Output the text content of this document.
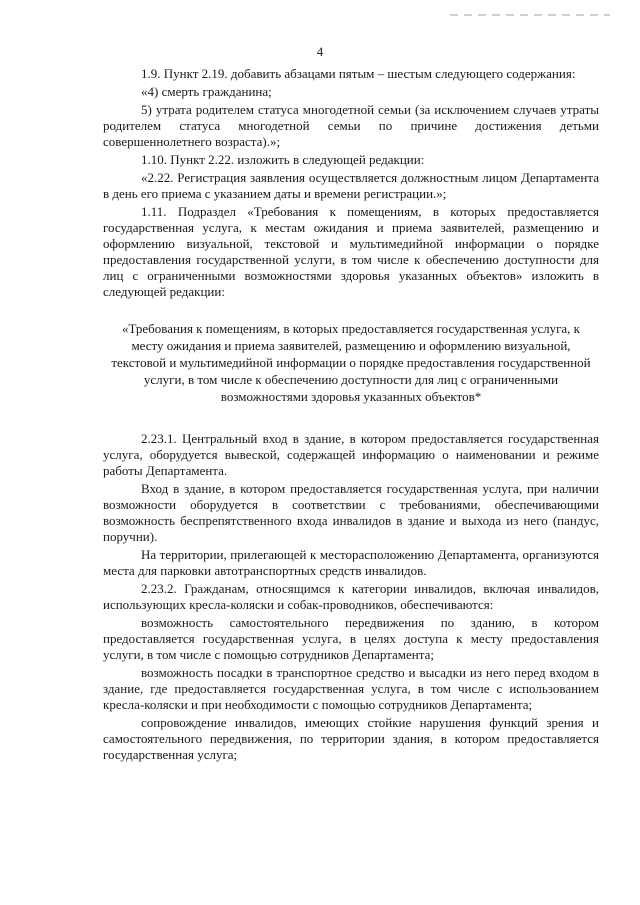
4

1.9. Пункт 2.19. добавить абзацами пятым – шестым следующего содержания:

«4) смерть гражданина;

5) утрата родителем статуса многодетной семьи (за исключением случаев утраты родителем статуса многодетной семьи по причине достижения детьми совершеннолетнего возраста).»;

1.10. Пункт 2.22. изложить в следующей редакции:

«2.22. Регистрация заявления осуществляется должностным лицом Департамента в день его приема с указанием даты и времени регистрации.»;

1.11. Подраздел «Требования к помещениям, в которых предоставляется государственная услуга, к местам ожидания и приема заявителей, размещению и оформлению визуальной, текстовой и мультимедийной информации о порядке предоставления государственной услуги, в том числе к обеспечению доступности для лиц с ограниченными возможностями здоровья указанных объектов» изложить в следующей редакции:

«Требования к помещениям, в которых предоставляется государственная услуга, к месту ожидания и приема заявителей, размещению и оформлению визуальной, текстовой и мультимедийной информации о порядке предоставления государственной услуги, в том числе к обеспечению доступности для лиц с ограниченными возможностями здоровья указанных объектов*

2.23.1. Центральный вход в здание, в котором предоставляется государственная услуга, оборудуется вывеской, содержащей информацию о наименовании и режиме работы Департамента.

Вход в здание, в котором предоставляется государственная услуга, при наличии возможности оборудуется в соответствии с требованиями, обеспечивающими возможность беспрепятственного входа инвалидов в здание и выхода из него (пандус, поручни).

На территории, прилегающей к месторасположению Департамента, организуются места для парковки автотранспортных средств инвалидов.

2.23.2. Гражданам, относящимся к категории инвалидов, включая инвалидов, использующих кресла-коляски и собак-проводников, обеспечиваются:

возможность самостоятельного передвижения по зданию, в котором предоставляется государственная услуга, в целях доступа к месту предоставления услуги, в том числе с помощью сотрудников Департамента;

возможность посадки в транспортное средство и высадки из него перед входом в здание, где предоставляется государственная услуга, в том числе с использованием кресла-коляски и при необходимости с помощью сотрудников Департамента;

сопровождение инвалидов, имеющих стойкие нарушения функций зрения и самостоятельного передвижения, по территории здания, в котором предоставляется государственная услуга;
